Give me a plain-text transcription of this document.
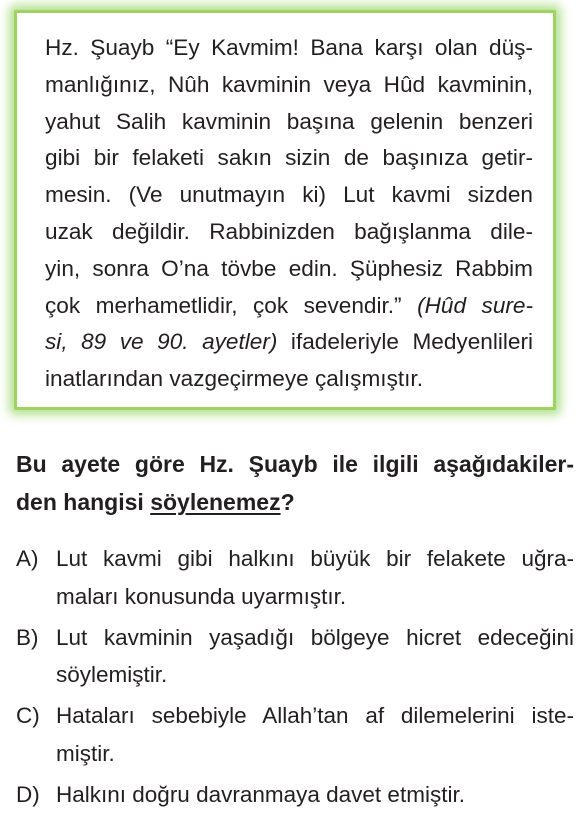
Hz. Şuayb “Ey Kavmim! Bana karşı olan düş-
manlığınız, Nûh kavminin veya Hûd kavminin,
yahut Salih kavminin başına gelenin benzeri
gibi bir felaketi sakın sizin de başınıza getir-
mesin. (Ve unutmayın ki) Lut kavmi sizden
uzak değildir. Rabbinizden bağışlanma dile-
yin, sonra O’na tövbe edin. Şüphesiz Rabbim
çok merhametlidir, çok sevendir.” (Hûd sure-
si, 89 ve 90. ayetler) ifadeleriyle Medyenlileri
inatlarından vazgeçirmeye çalışmıştır.
Bu ayete göre Hz. Şuayb ile ilgili aşağıdakiler-
den hangisi söylenemez?
A) Lut kavmi gibi halkını büyük bir felakete uğra-
maları konusunda uyarmıştır.
B) Lut kavminin yaşadığı bölgeye hicret edeceğini
söylemiştir.
C) Hataları sebebiyle Allah’tan af dilemelerini iste-
miştir.
D) Halkını doğru davranmaya davet etmiştir.
